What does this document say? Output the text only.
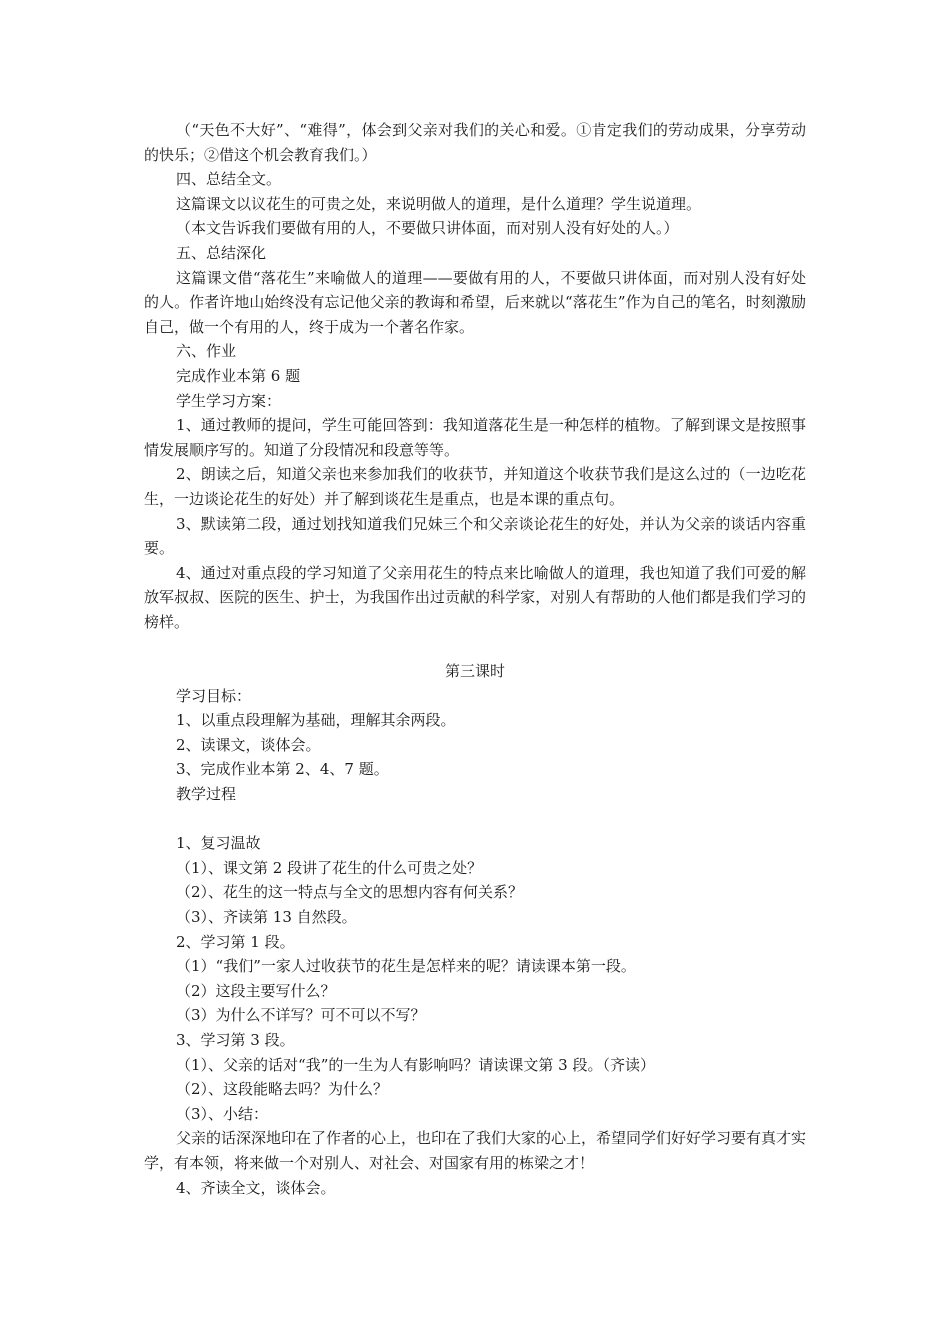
（“天色不大好”、“难得”，体会到父亲对我们的关心和爱。①肯定我们的劳动成果，分享劳动的快乐；②借这个机会教育我们。）

四、总结全文。

这篇课文以议花生的可贵之处，来说明做人的道理，是什么道理？学生说道理。

（本文告诉我们要做有用的人，不要做只讲体面，而对别人没有好处的人。）

五、总结深化

这篇课文借“落花生”来喻做人的道理——要做有用的人，不要做只讲体面，而对别人没有好处的人。作者许地山始终没有忘记他父亲的教诲和希望，后来就以“落花生”作为自己的笔名，时刻激励自己，做一个有用的人，终于成为一个著名作家。

六、作业

完成作业本第 6 题

学生学习方案：

1、通过教师的提问，学生可能回答到：我知道落花生是一种怎样的植物。了解到课文是按照事情发展顺序写的。知道了分段情况和段意等等。

2、朗读之后，知道父亲也来参加我们的收获节，并知道这个收获节我们是这么过的（一边吃花生，一边谈论花生的好处）并了解到谈花生是重点，也是本课的重点句。

3、默读第二段，通过划找知道我们兄妹三个和父亲谈论花生的好处，并认为父亲的谈话内容重要。

4、通过对重点段的学习知道了父亲用花生的特点来比喻做人的道理，我也知道了我们可爱的解放军叔叔、医院的医生、护士，为我国作出过贡献的科学家，对别人有帮助的人他们都是我们学习的榜样。

第三课时

学习目标：

1、以重点段理解为基础，理解其余两段。

2、读课文，谈体会。

3、完成作业本第 2、4、7 题。

教学过程

1、复习温故

（1）、课文第 2 段讲了花生的什么可贵之处？

（2）、花生的这一特点与全文的思想内容有何关系？

（3）、齐读第 13 自然段。

2、学习第 1 段。

（1）“我们”一家人过收获节的花生是怎样来的呢？请读课本第一段。

（2）这段主要写什么？

（3）为什么不详写？可不可以不写？

3、学习第 3 段。

（1）、父亲的话对“我”的一生为人有影响吗？请读课文第 3 段。（齐读）

（2）、这段能略去吗？为什么？

（3）、小结：

父亲的话深深地印在了作者的心上，也印在了我们大家的心上，希望同学们好好学习要有真才实学，有本领，将来做一个对别人、对社会、对国家有用的栋梁之才！

4、齐读全文，谈体会。
